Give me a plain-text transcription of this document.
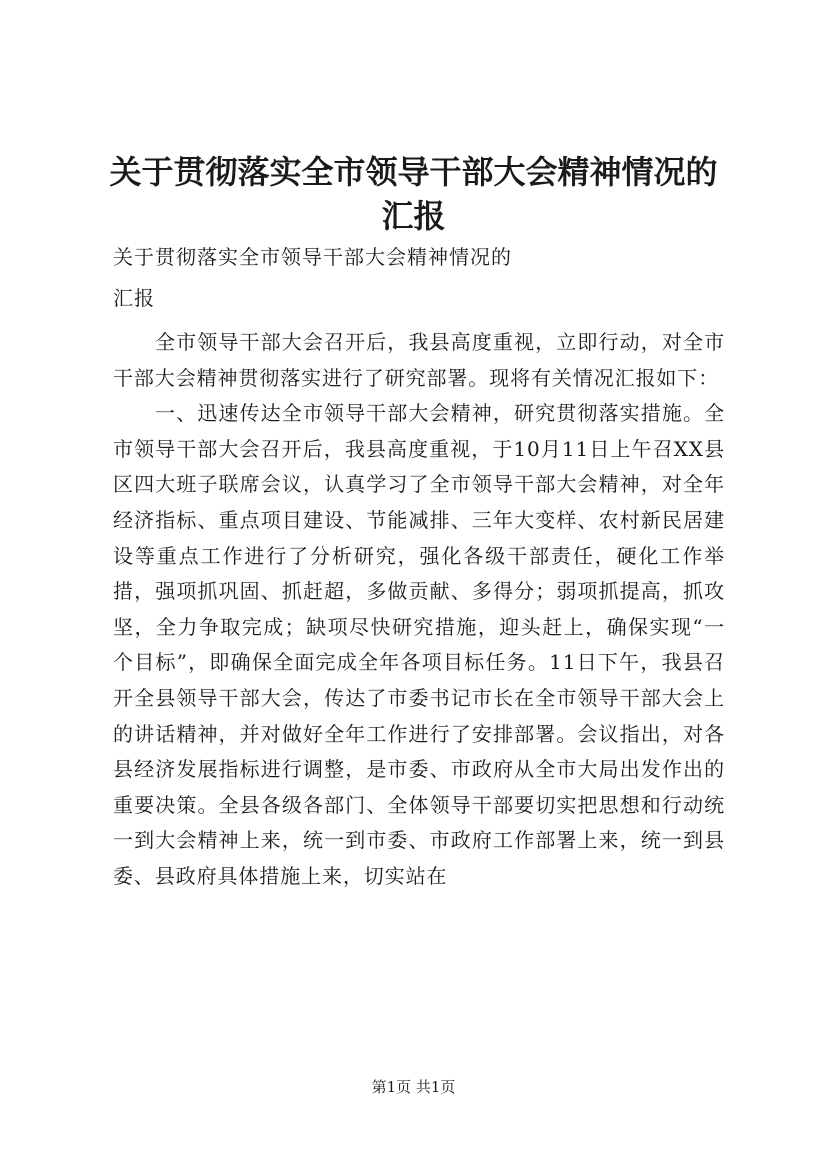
关于贯彻落实全市领导干部大会精神情况的汇报

关于贯彻落实全市领导干部大会精神情况的

汇报

全市领导干部大会召开后，我县高度重视，立即行动，对全市干部大会精神贯彻落实进行了研究部署。现将有关情况汇报如下：

一、迅速传达全市领导干部大会精神，研究贯彻落实措施。全市领导干部大会召开后，我县高度重视，于10月11日上午召XX县区四大班子联席会议，认真学习了全市领导干部大会精神，对全年经济指标、重点项目建设、节能减排、三年大变样、农村新民居建设等重点工作进行了分析研究，强化各级干部责任，硬化工作举措，强项抓巩固、抓赶超，多做贡献、多得分；弱项抓提高，抓攻坚，全力争取完成；缺项尽快研究措施，迎头赶上，确保实现“一个目标”，即确保全面完成全年各项目标任务。11日下午，我县召开全县领导干部大会，传达了市委书记市长在全市领导干部大会上的讲话精神，并对做好全年工作进行了安排部署。会议指出，对各县经济发展指标进行调整，是市委、市政府从全市大局出发作出的重要决策。全县各级各部门、全体领导干部要切实把思想和行动统一到大会精神上来，统一到市委、市政府工作部署上来，统一到县委、县政府具体措施上来，切实站在

第1页 共1页
